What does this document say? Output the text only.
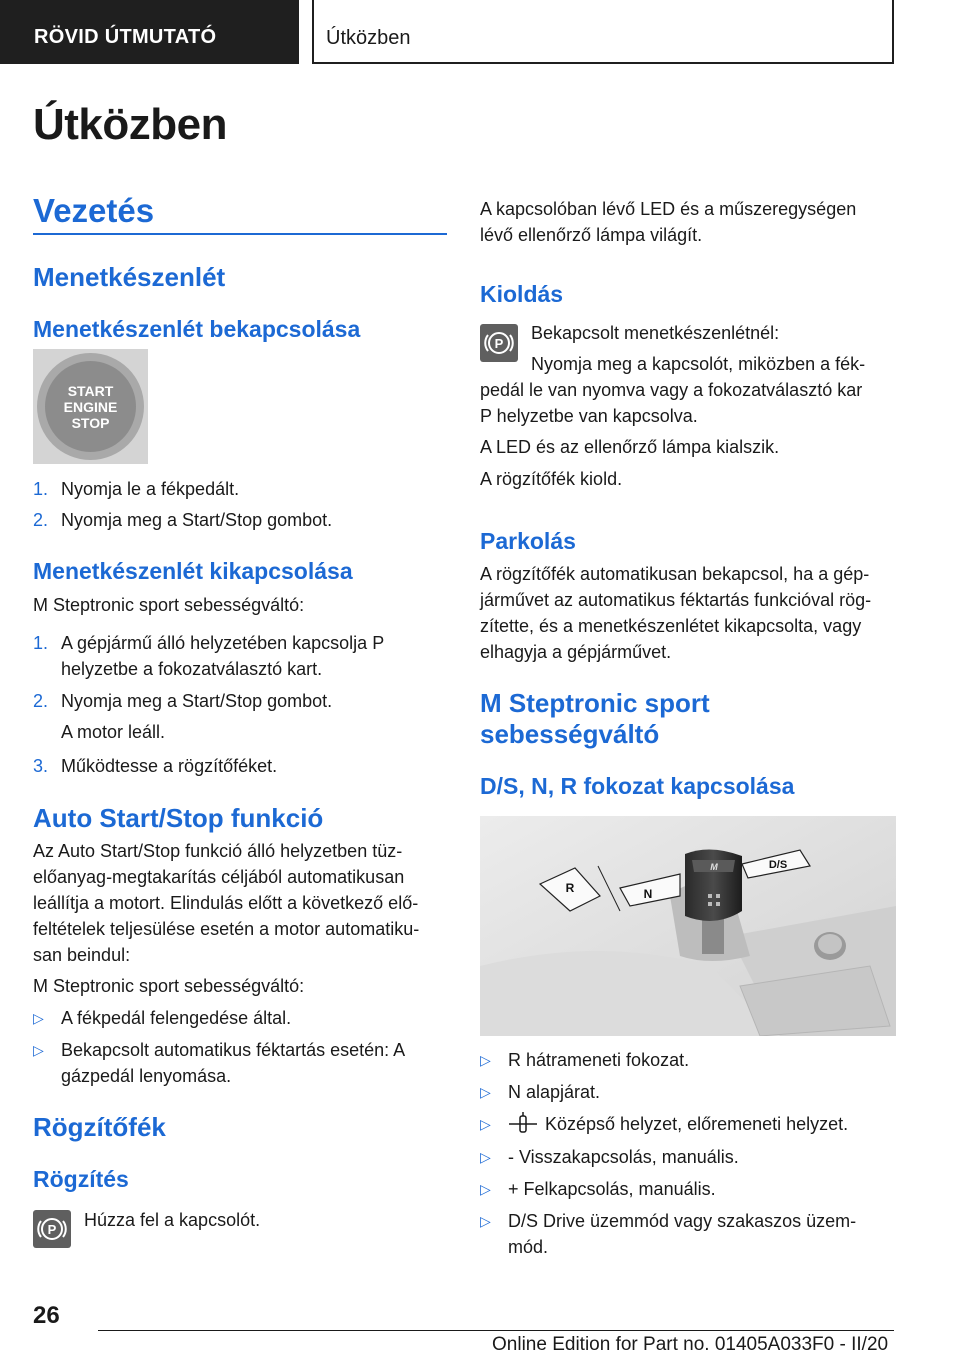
RÖVID ÚTMUTATÓ	Útközben
Útközben
Vezetés
Menetkészenlét
Menetkészenlét bekapcsolása
START
ENGINE
STOP
1. Nyomja le a fékpedált.
2. Nyomja meg a Start/Stop gombot.
Menetkészenlét kikapcsolása
M Steptronic sport sebességváltó:
1. A gépjármű álló helyzetében kapcsolja P
helyzetbe a fokozatválasztó kart.
2. Nyomja meg a Start/Stop gombot.
A motor leáll.
3. Működtesse a rögzítőféket.
Auto Start/Stop funkció
Az Auto Start/Stop funkció álló helyzetben tüz-
előanyag-megtakarítás céljából automatikusan
leállítja a motort. Elindulás előtt a következő elő-
feltételek teljesülése esetén a motor automatiku-
san beindul:
M Steptronic sport sebességváltó:
▷ A fékpedál felengedése által.
▷ Bekapcsolt automatikus féktartás esetén: A
gázpedál lenyomása.
Rögzítőfék
Rögzítés
P Húzza fel a kapcsolót.
A kapcsolóban lévő LED és a műszeregységen
lévő ellenőrző lámpa világít.
Kioldás
P
Bekapcsolt menetkészenlétnél:
Nyomja meg a kapcsolót, miközben a fék-
pedál le van nyomva vagy a fokozatválasztó kar
P helyzetbe van kapcsolva.
A LED és az ellenőrző lámpa kialszik.
A rögzítőfék kiold.
Parkolás
A rögzítőfék automatikusan bekapcsol, ha a gép-
járművet az automatikus féktartás funkcióval rög-
zítette, és a menetkészenlétet kikapcsolta, vagy
elhagyja a gépjárművet.
M Steptronic sport
sebességváltó
D/S, N, R fokozat kapcsolása
M
R	N
D/S
▷ R hátrameneti fokozat.
▷ N alapjárat.
▷	Középső helyzet, előremeneti helyzet.
▷ - Visszakapcsolás, manuális.
▷ + Felkapcsolás, manuális.
▷ D/S Drive üzemmód vagy szakaszos üzem-
mód.
26
Online Edition for Part no. 01405A033F0 - II/20
